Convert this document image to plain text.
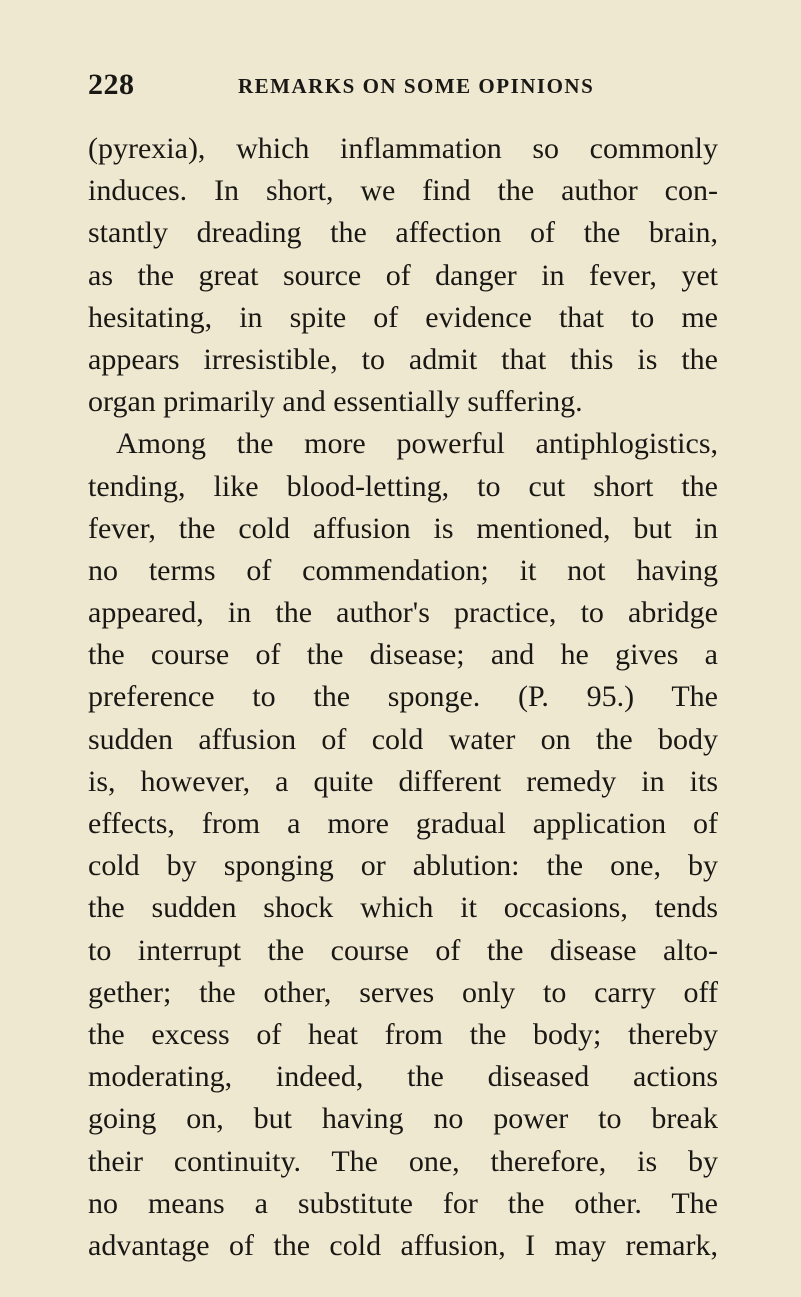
228	REMARKS ON SOME OPINIONS
(pyrexia), which inflammation so commonly
induces. In short, we find the author con-
stantly dreading the affection of the brain,
as the great source of danger in fever, yet
hesitating, in spite of evidence that to me
appears irresistible, to admit that this is the
organ primarily and essentially suffering.
Among the more powerful antiphlogistics,
tending, like blood-letting, to cut short the
fever, the cold affusion is mentioned, but in
no terms of commendation; it not having
appeared, in the author's practice, to abridge
the course of the disease; and he gives a
preference to the sponge. (P. 95.) The
sudden affusion of cold water on the body
is, however, a quite different remedy in its
effects, from a more gradual application of
cold by sponging or ablution: the one, by
the sudden shock which it occasions, tends
to interrupt the course of the disease alto-
gether; the other, serves only to carry off
the excess of heat from the body; thereby
moderating, indeed, the diseased actions
going on, but having no power to break
their continuity. The one, therefore, is by
no means a substitute for the other. The
advantage of the cold affusion, I may remark,
